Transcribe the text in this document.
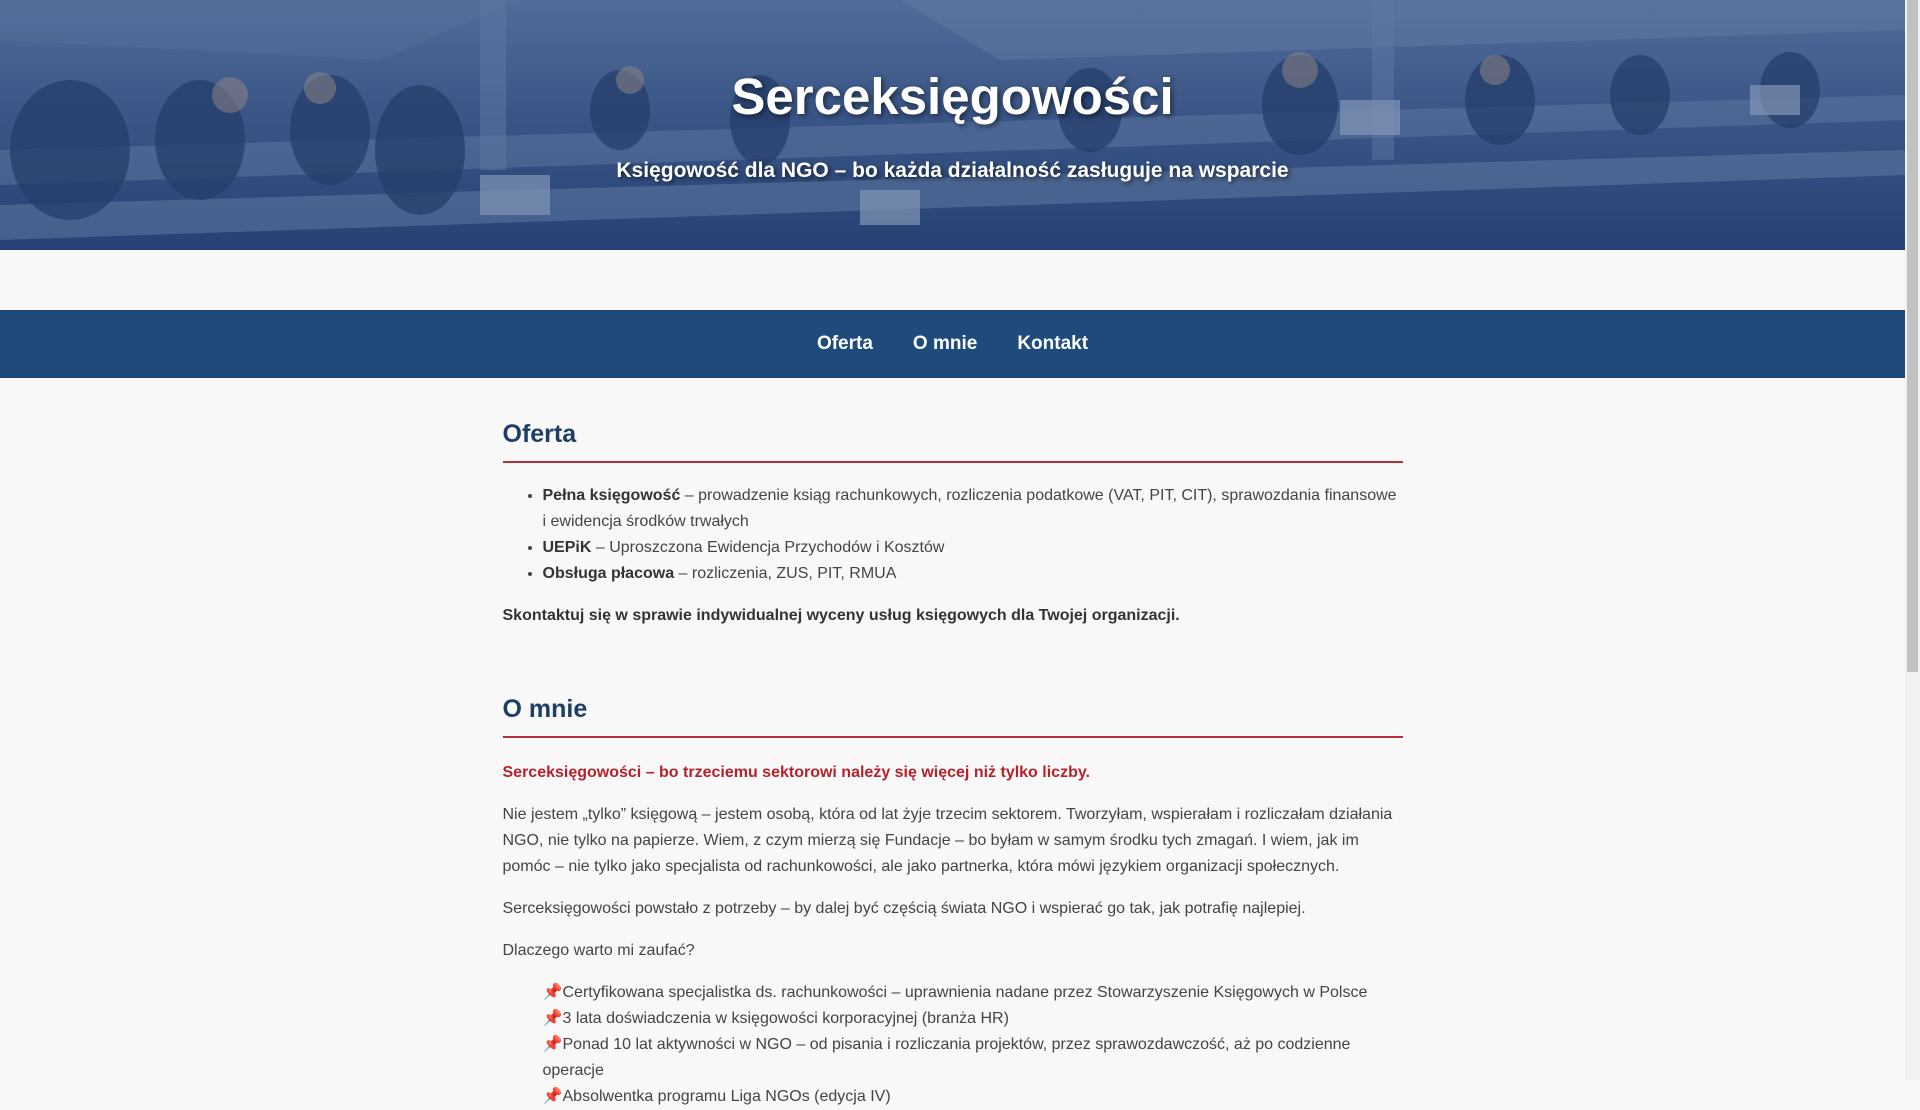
Serceksięgowości

Księgowość dla NGO – bo każda działalność zasługuje na wsparcie

Oferta O mnie Kontakt
Oferta
• Pełna księgowość – prowadzenie ksiąg rachunkowych, rozliczenia podatkowe (VAT, PIT, CIT), sprawozdania finansowe i ewidencja środków trwałych
• UEPiK – Uproszczona Ewidencja Przychodów i Kosztów
• Obsługa płacowa – rozliczenia, ZUS, PIT, RMUA

Skontaktuj się w sprawie indywidualnej wyceny usług księgowych dla Twojej organizacji.

O mnie

Serceksięgowości – bo trzeciemu sektorowi należy się więcej niż tylko liczby.

Nie jestem „tylko” księgową – jestem osobą, która od lat żyje trzecim sektorem. Tworzyłam, wspierałam i rozliczałam działania NGO, nie tylko na papierze. Wiem, z czym mierzą się Fundacje – bo byłam w samym środku tych zmagań. I wiem, jak im pomóc – nie tylko jako specjalista od rachunkowości, ale jako partnerka, która mówi językiem organizacji społecznych.

Serceksięgowości powstało z potrzeby – by dalej być częścią świata NGO i wspierać go tak, jak potrafię najlepiej.

Dlaczego warto mi zaufać?

📌Certyfikowana specjalistka ds. rachunkowości – uprawnienia nadane przez Stowarzyszenie Księgowych w Polsce
📌3 lata doświadczenia w księgowości korporacyjnej (branża HR)
📌Ponad 10 lat aktywności w NGO – od pisania i rozliczania projektów, przez sprawozdawczość, aż po codzienne operacje
📌Absolwentka programu Liga NGOs (edycja IV)
